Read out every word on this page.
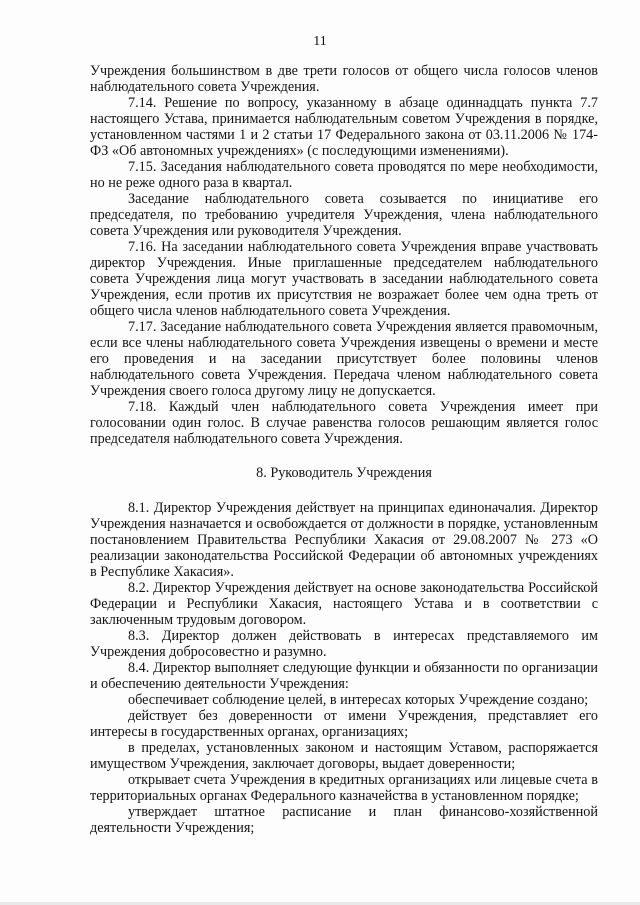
11

Учреждения большинством в две трети голосов от общего числа голосов членов наблюдательного совета Учреждения.

7.14. Решение по вопросу, указанному в абзаце одиннадцать пункта 7.7 настоящего Устава, принимается наблюдательным советом Учреждения в порядке, установленном частями 1 и 2 статьи 17 Федерального закона от 03.11.2006 № 174-ФЗ «Об автономных учреждениях» (с последующими изменениями).

7.15. Заседания наблюдательного совета проводятся по мере необходимости, но не реже одного раза в квартал.

Заседание наблюдательного совета созывается по инициативе его председателя, по требованию учредителя Учреждения, члена наблюдательного совета Учреждения или руководителя Учреждения.

7.16. На заседании наблюдательного совета Учреждения вправе участвовать директор Учреждения. Иные приглашенные председателем наблюдательного совета Учреждения лица могут участвовать в заседании наблюдательного совета Учреждения, если против их присутствия не возражает более чем одна треть от общего числа членов наблюдательного совета Учреждения.

7.17. Заседание наблюдательного совета Учреждения является правомочным, если все члены наблюдательного совета Учреждения извещены о времени и месте его проведения и на заседании присутствует более половины членов наблюдательного совета Учреждения. Передача членом наблюдательного совета Учреждения своего голоса другому лицу не допускается.

7.18. Каждый член наблюдательного совета Учреждения имеет при голосовании один голос. В случае равенства голосов решающим является голос председателя наблюдательного совета Учреждения.

8. Руководитель Учреждения

8.1. Директор Учреждения действует на принципах единоначалия. Директор Учреждения назначается и освобождается от должности в порядке, установленным постановлением Правительства Республики Хакасия от 29.08.2007 № 273 «О реализации законодательства Российской Федерации об автономных учреждениях в Республике Хакасия».

8.2. Директор Учреждения действует на основе законодательства Российской Федерации и Республики Хакасия, настоящего Устава и в соответствии с заключенным трудовым договором.

8.3. Директор должен действовать в интересах представляемого им Учреждения добросовестно и разумно.

8.4. Директор выполняет следующие функции и обязанности по организации и обеспечению деятельности Учреждения:

обеспечивает соблюдение целей, в интересах которых Учреждение создано;

действует без доверенности от имени Учреждения, представляет его интересы в государственных органах, организациях;

в пределах, установленных законом и настоящим Уставом, распоряжается имуществом Учреждения, заключает договоры, выдает доверенности;

открывает счета Учреждения в кредитных организациях или лицевые счета в территориальных органах Федерального казначейства в установленном порядке;

утверждает штатное расписание и план финансово-хозяйственной деятельности Учреждения;
